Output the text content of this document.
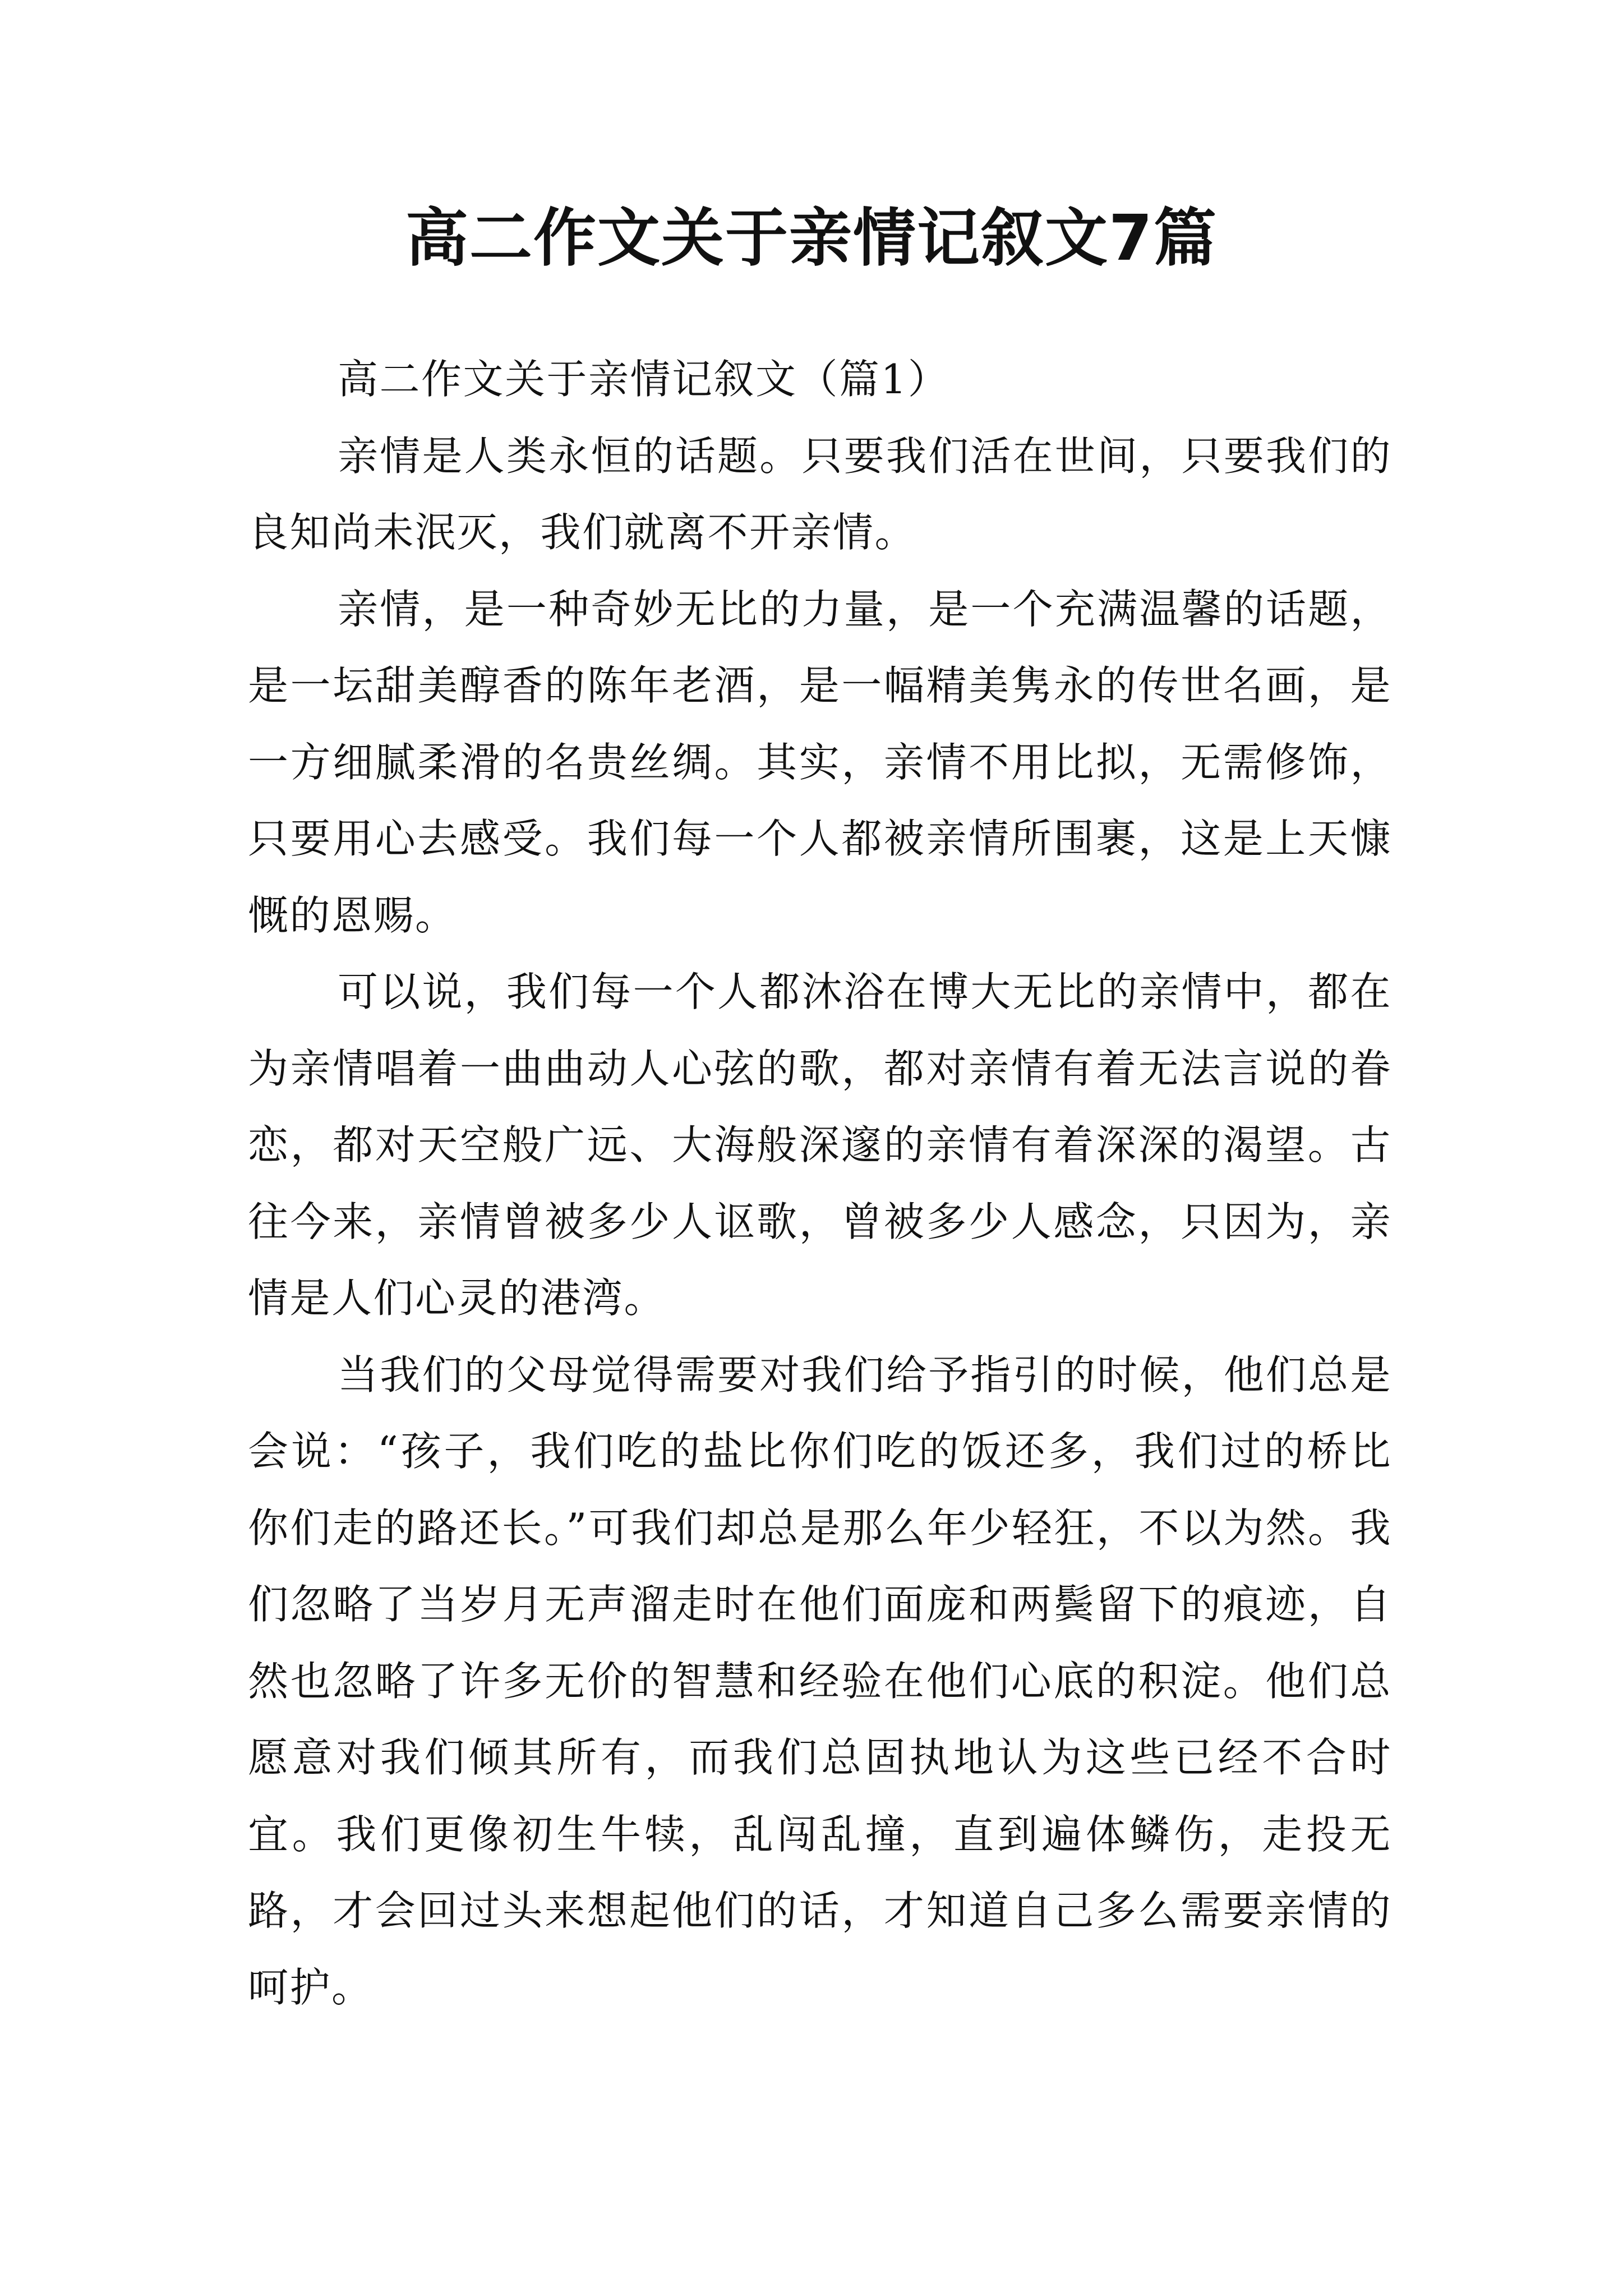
高二作文关于亲情记叙文7篇

高二作文关于亲情记叙文（篇1）

亲情是人类永恒的话题。只要我们活在世间，只要我们的良知尚未泯灭，我们就离不开亲情。

亲情，是一种奇妙无比的力量，是一个充满温馨的话题，是一坛甜美醇香的陈年老酒，是一幅精美隽永的传世名画，是一方细腻柔滑的名贵丝绸。其实，亲情不用比拟，无需修饰，只要用心去感受。我们每一个人都被亲情所围裹，这是上天慷慨的恩赐。

可以说，我们每一个人都沐浴在博大无比的亲情中，都在为亲情唱着一曲曲动人心弦的歌，都对亲情有着无法言说的眷恋，都对天空般广远、大海般深邃的亲情有着深深的渴望。古往今来，亲情曾被多少人讴歌，曾被多少人感念，只因为，亲情是人们心灵的港湾。

当我们的父母觉得需要对我们给予指引的时候，他们总是会说：“孩子，我们吃的盐比你们吃的饭还多，我们过的桥比你们走的路还长。”可我们却总是那么年少轻狂，不以为然。我们忽略了当岁月无声溜走时在他们面庞和两鬓留下的痕迹，自然也忽略了许多无价的智慧和经验在他们心底的积淀。他们总愿意对我们倾其所有，而我们总固执地认为这些已经不合时宜。我们更像初生牛犊，乱闯乱撞，直到遍体鳞伤，走投无路，才会回过头来想起他们的话，才知道自己多么需要亲情的呵护。
